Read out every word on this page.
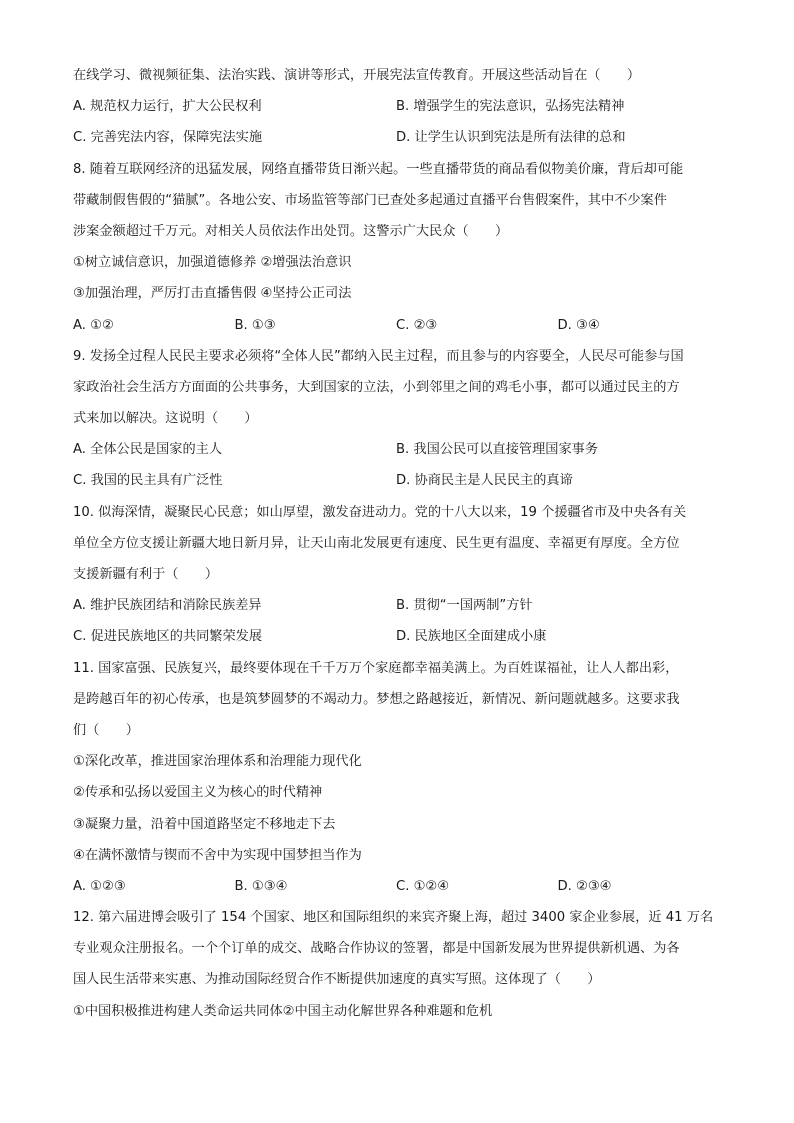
在线学习、微视频征集、法治实践、演讲等形式，开展宪法宣传教育。开展这些活动旨在（　　）
A. 规范权力运行，扩大公民权利	B. 增强学生的宪法意识，弘扬宪法精神
C. 完善宪法内容，保障宪法实施	D. 让学生认识到宪法是所有法律的总和
8. 随着互联网经济的迅猛发展，网络直播带货日渐兴起。一些直播带货的商品看似物美价廉，背后却可能
带藏制假售假的“猫腻”。各地公安、市场监管等部门已查处多起通过直播平台售假案件，其中不少案件
涉案金额超过千万元。对相关人员依法作出处罚。这警示广大民众（　　）
①树立诚信意识，加强道德修养 ②增强法治意识
③加强治理，严厉打击直播售假 ④坚持公正司法
A. ①②	B. ①③	C. ②③	D. ③④
9. 发扬全过程人民民主要求必须将“全体人民”都纳入民主过程，而且参与的内容要全，人民尽可能参与国
家政治社会生活方方面面的公共事务，大到国家的立法，小到邻里之间的鸡毛小事，都可以通过民主的方
式来加以解决。这说明（　　）
A. 全体公民是国家的主人	B. 我国公民可以直接管理国家事务
C. 我国的民主具有广泛性	D. 协商民主是人民民主的真谛
10. 似海深情，凝聚民心民意；如山厚望，激发奋进动力。党的十八大以来，19 个援疆省市及中央各有关
单位全方位支援让新疆大地日新月异，让天山南北发展更有速度、民生更有温度、幸福更有厚度。全方位
支援新疆有利于（　　）
A. 维护民族团结和消除民族差异	B. 贯彻“一国两制”方针
C. 促进民族地区的共同繁荣发展	D. 民族地区全面建成小康
11. 国家富强、民族复兴，最终要体现在千千万万个家庭都幸福美满上。为百姓谋福祉，让人人都出彩，
是跨越百年的初心传承，也是筑梦圆梦的不竭动力。梦想之路越接近，新情况、新问题就越多。这要求我
们（　　）
①深化改革，推进国家治理体系和治理能力现代化
②传承和弘扬以爱国主义为核心的时代精神
③凝聚力量，沿着中国道路坚定不移地走下去
④在满怀激情与锲而不舍中为实现中国梦担当作为
A. ①②③	B. ①③④	C. ①②④	D. ②③④
12. 第六届进博会吸引了 154 个国家、地区和国际组织的来宾齐聚上海，超过 3400 家企业参展，近 41 万名
专业观众注册报名。一个个订单的成交、战略合作协议的签署，都是中国新发展为世界提供新机遇、为各
国人民生活带来实惠、为推动国际经贸合作不断提供加速度的真实写照。这体现了（　　）
①中国积极推进构建人类命运共同体②中国主动化解世界各种难题和危机
